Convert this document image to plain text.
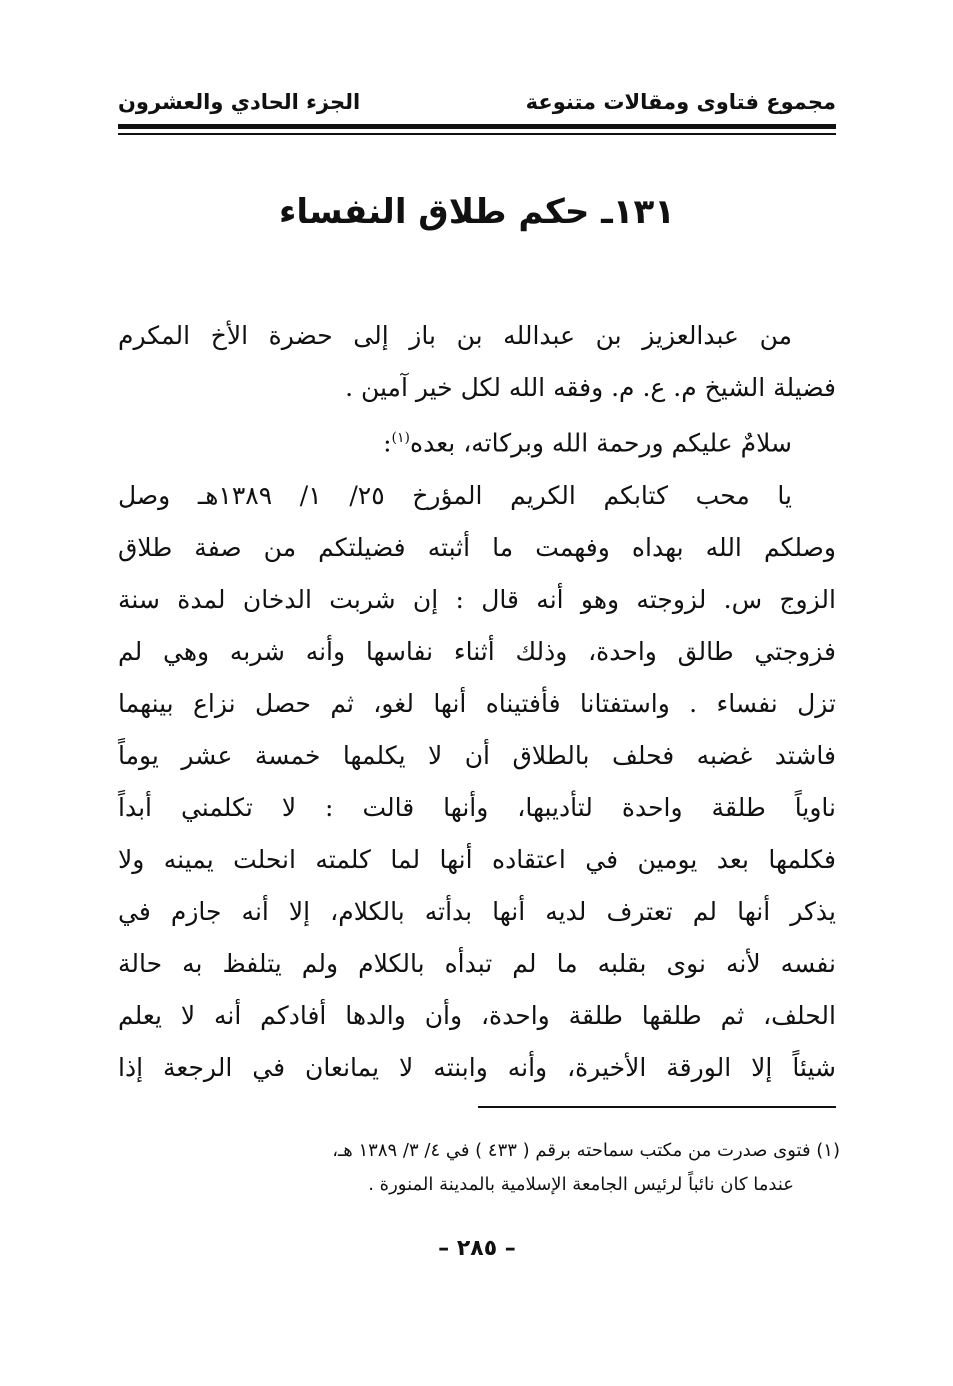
مجموع فتاوى ومقالات متنوعة
الجزء الحادي والعشرون
١٣١ـ حكم طلاق النفساء
من عبدالعزيز بن عبدالله بن باز إلى حضرة الأخ المكرم
فضيلة الشيخ م. ع. م. وفقه الله لكل خير آمين .
سلامٌ عليكم ورحمة الله وبركاته، بعده$^{(١)}$:
يا محب كتابكم الكريم المؤرخ ٢٥/ ١/ ١٣٨٩هـ وصل
وصلكم الله بهداه وفهمت ما أثبته فضيلتكم من صفة طلاق
الزوج س. لزوجته وهو أنه قال : إن شربت الدخان لمدة سنة
فزوجتي طالق واحدة، وذلك أثناء نفاسها وأنه شربه وهي لم
تزل نفساء . واستفتانا فأفتيناه أنها لغو، ثم حصل نزاع بينهما
فاشتد غضبه فحلف بالطلاق أن لا يكلمها خمسة عشر يوماً
ناوياً طلقة واحدة لتأديبها، وأنها قالت : لا تكلمني أبداً
فكلمها بعد يومين في اعتقاده أنها لما كلمته انحلت يمينه ولا
يذكر أنها لم تعترف لديه أنها بدأته بالكلام، إلا أنه جازم في
نفسه لأنه نوى بقلبه ما لم تبدأه بالكلام ولم يتلفظ به حالة
الحلف، ثم طلقها طلقة واحدة، وأن والدها أفادكم أنه لا يعلم
شيئاً إلا الورقة الأخيرة، وأنه وابنته لا يمانعان في الرجعة إذا
(١) فتوى صدرت من مكتب سماحته برقم ( ٤٣٣ ) في ٤/ ٣/ ١٣٨٩ هـ،
عندما كان نائباً لرئيس الجامعة الإسلامية بالمدينة المنورة .
– ٢٨٥ –
